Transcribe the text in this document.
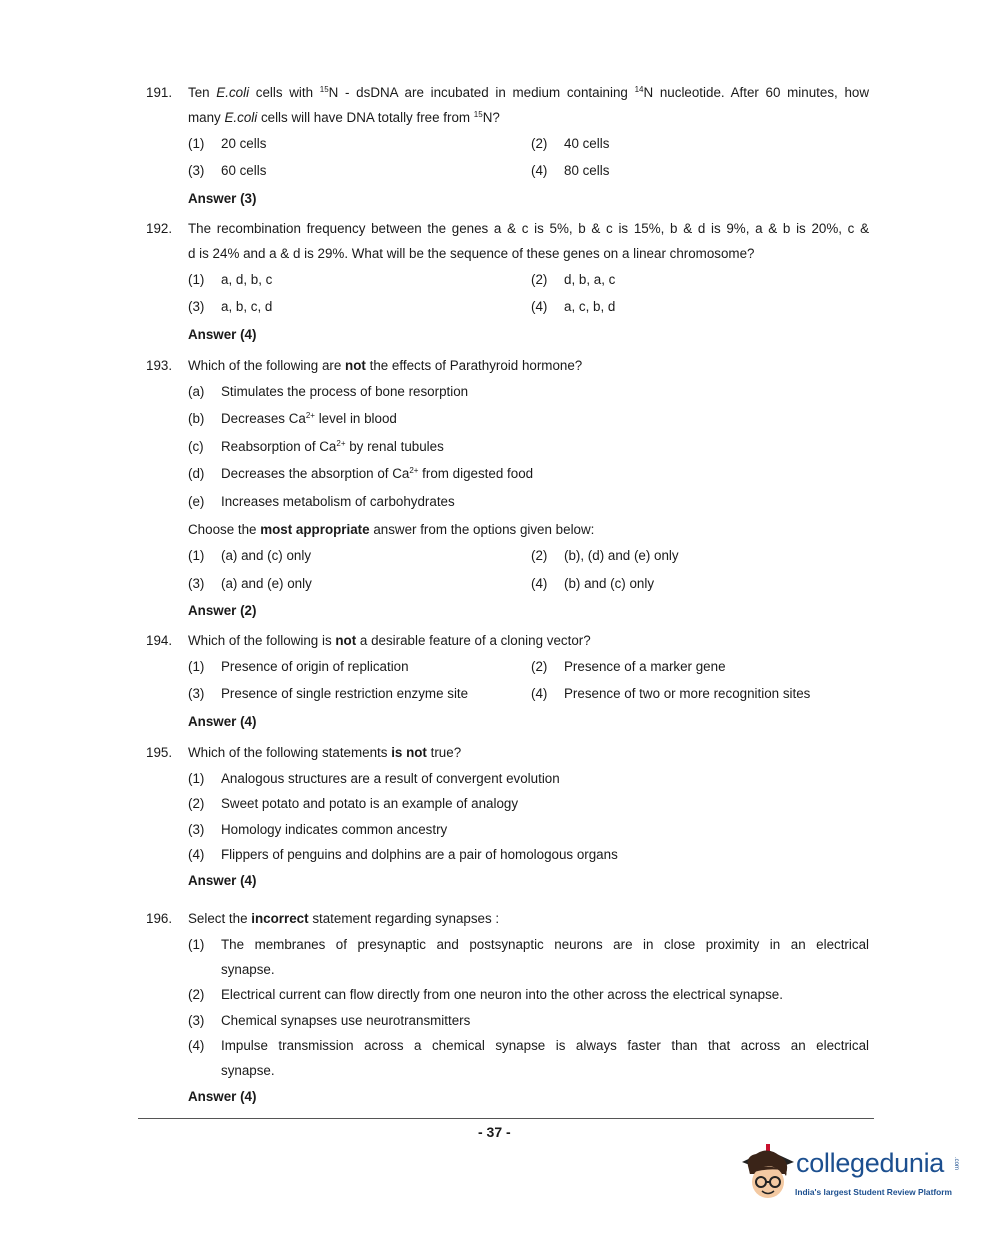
191. Ten E.coli cells with $^{15}$N - dsDNA are incubated in medium containing $^{14}$N nucleotide. After 60 minutes, how
many E.coli cells will have DNA totally free from $^{15}$N?
(1) 20 cells	(2) 40 cells
(3) 60 cells	(4) 80 cells
Answer (3)
192. The recombination frequency between the genes a & c is 5%, b & c is 15%, b & d is 9%, a & b is 20%, c &
d is 24% and a & d is 29%. What will be the sequence of these genes on a linear chromosome?
(1) a, d, b, c	(2) d, b, a, c
(3) a, b, c, d	(4) a, c, b, d
Answer (4)
193. Which of the following are not the effects of Parathyroid hormone?
(a) Stimulates the process of bone resorption
(b) Decreases $Ca^{2+}$ level in blood
(c) Reabsorption of $Ca^{2+}$ by renal tubules
(d) Decreases the absorption of $Ca^{2+}$ from digested food
(e) Increases metabolism of carbohydrates
Choose the most appropriate answer from the options given below:
(1) (a) and (c) only	(2) (b), (d) and (e) only
(3) (a) and (e) only	(4) (b) and (c) only
Answer (2)
194. Which of the following is not a desirable feature of a cloning vector?
(1) Presence of origin of replication	(2) Presence of a marker gene
(3) Presence of single restriction enzyme site	(4) Presence of two or more recognition sites
Answer (4)
195. Which of the following statements is not true?
(1) Analogous structures are a result of convergent evolution
(2) Sweet potato and potato is an example of analogy
(3) Homology indicates common ancestry
(4) Flippers of penguins and dolphins are a pair of homologous organs
Answer (4)
196. Select the incorrect statement regarding synapses :
(1) The membranes of presynaptic and postsynaptic neurons are in close proximity in an electrical
synapse.
(2) Electrical current can flow directly from one neuron into the other across the electrical synapse.
(3) Chemical synapses use neurotransmitters
(4) Impulse transmission across a chemical synapse is always faster than that across an electrical
synapse.
Answer (4)
- 37 -
collegedunia .com
India's largest Student Review Platform
